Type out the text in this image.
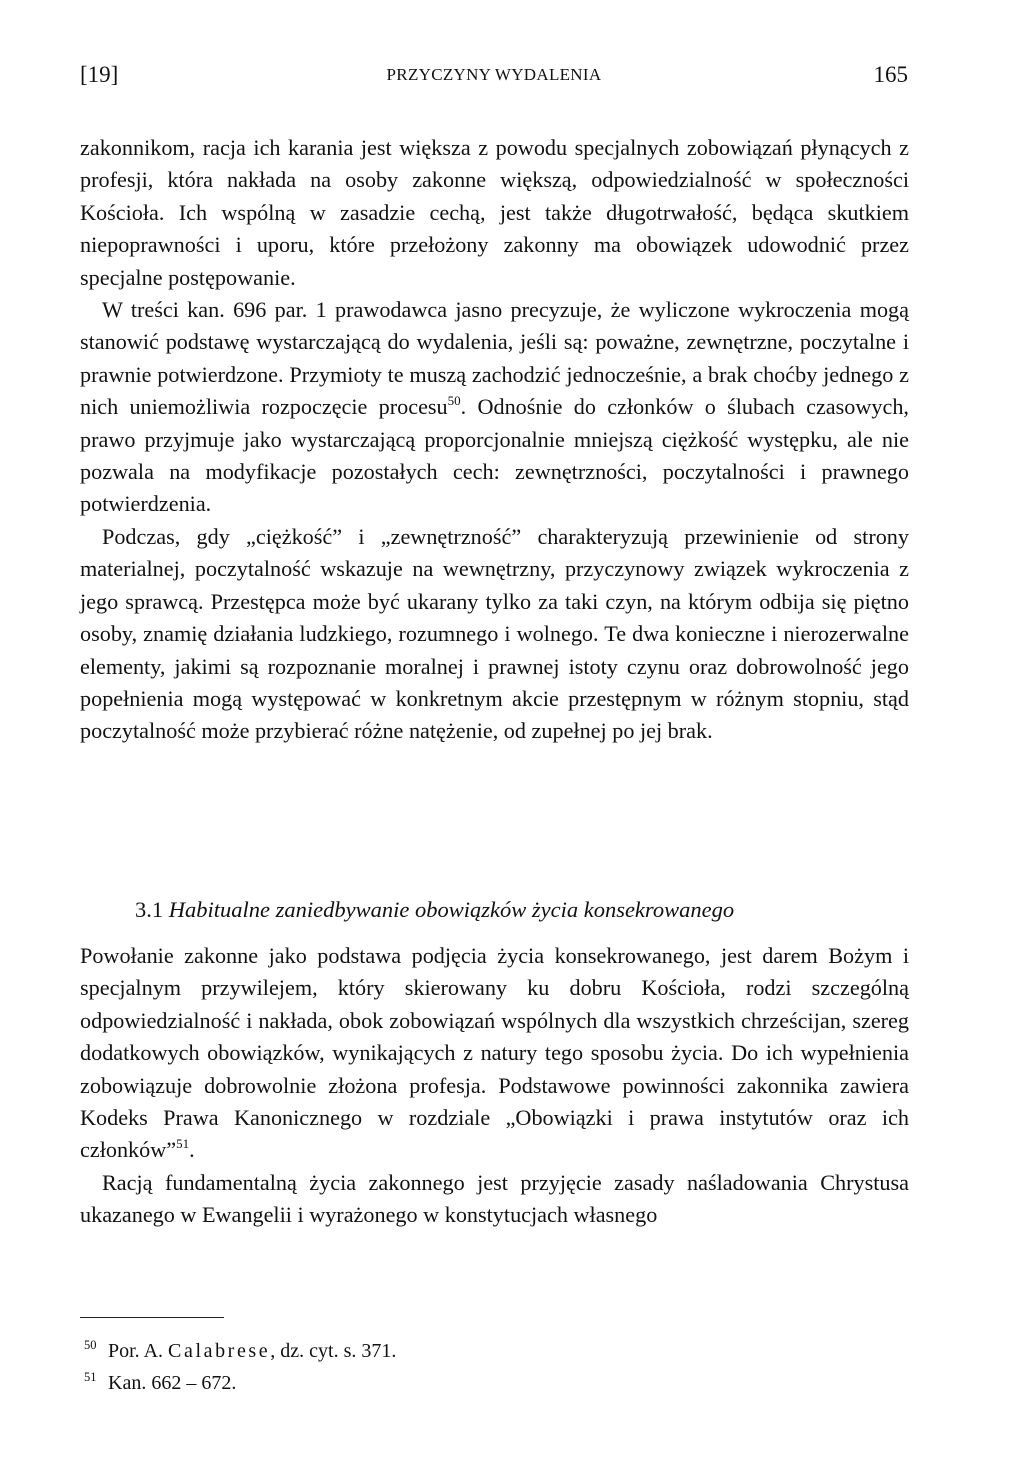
[19]	PRZYCZYNY WYDALENIA	165

zakonnikom, racja ich karania jest większa z powodu specjalnych zobowiązań płynących z profesji, która nakłada na osoby zakonne większą, odpowiedzialność w społeczności Kościoła. Ich wspólną w zasadzie cechą, jest także długotrwałość, będąca skutkiem niepoprawności i uporu, które przełożony zakonny ma obowiązek udowodnić przez specjalne postępowanie.

W treści kan. 696 par. 1 prawodawca jasno precyzuje, że wyliczone wykroczenia mogą stanowić podstawę wystarczającą do wydalenia, jeśli są: poważne, zewnętrzne, poczytalne i prawnie potwierdzone. Przymioty te muszą zachodzić jednocześnie, a brak choćby jednego z nich uniemożliwia rozpoczęcie procesu$^{50}$. Odnośnie do członków o ślubach czasowych, prawo przyjmuje jako wystarczającą proporcjonalnie mniejszą ciężkość występku, ale nie pozwala na modyfikacje pozostałych cech: zewnętrzności, poczytalności i prawnego potwierdzenia.

Podczas, gdy „ciężkość” i „zewnętrzność” charakteryzują przewinienie od strony materialnej, poczytalność wskazuje na wewnętrzny, przyczynowy związek wykroczenia z jego sprawcą. Przestępca może być ukarany tylko za taki czyn, na którym odbija się piętno osoby, znamię działania ludzkiego, rozumnego i wolnego. Te dwa konieczne i nierozerwalne elementy, jakimi są rozpoznanie moralnej i prawnej istoty czynu oraz dobrowolność jego popełnienia mogą występować w konkretnym akcie przestępnym w różnym stopniu, stąd poczytalność może przybierać różne natężenie, od zupełnej po jej brak.

3.1 Habitualne zaniedbywanie obowiązków życia konsekrowanego

Powołanie zakonne jako podstawa podjęcia życia konsekrowanego, jest darem Bożym i specjalnym przywilejem, który skierowany ku dobru Kościoła, rodzi szczególną odpowiedzialność i nakłada, obok zobowiązań wspólnych dla wszystkich chrześcijan, szereg dodatkowych obowiązków, wynikających z natury tego sposobu życia. Do ich wypełnienia zobowiązuje dobrowolnie złożona profesja. Podstawowe powinności zakonnika zawiera Kodeks Prawa Kanonicznego w rozdziale „Obowiązki i prawa instytutów oraz ich członków”$^{51}$.

Racją fundamentalną życia zakonnego jest przyjęcie zasady naśladowania Chrystusa ukazanego w Ewangelii i wyrażonego w konstytucjach własnego

50 Por. A. Calabrese, dz. cyt. s. 371.

51 Kan. 662 – 672.
